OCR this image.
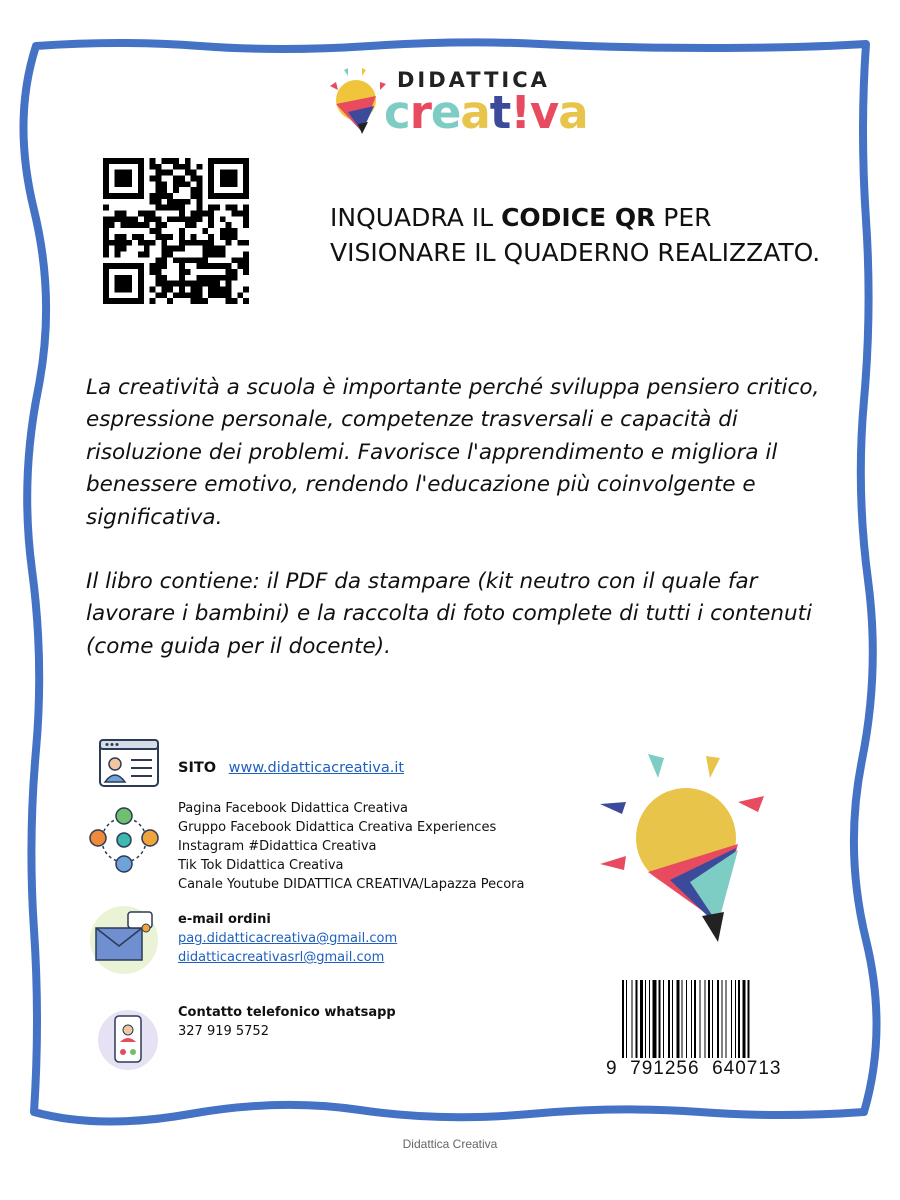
DIDATTICA
creat!va
INQUADRA IL CODICE QR PER VISIONARE IL QUADERNO REALIZZATO.

La creatività a scuola è importante perché sviluppa pensiero critico, espressione personale, competenze trasversali e capacità di risoluzione dei problemi. Favorisce l'apprendimento e migliora il benessere emotivo, rendendo l'educazione più coinvolgente e significativa.

Il libro contiene: il PDF da stampare (kit neutro con il quale far lavorare i bambini) e la raccolta di foto complete di tutti i contenuti (come guida per il docente).

SITO www.didatticacreativa.it
Pagina Facebook Didattica Creativa
Gruppo Facebook Didattica Creativa Experiences
Instagram #Didattica Creativa
Tik Tok Didattica Creativa
Canale Youtube DIDATTICA CREATIVA/Lapazza Pecora
e-mail ordini
pag.didatticacreativa@gmail.com
didatticacreativasrl@gmail.com
Contatto telefonico whatsapp
327 919 5752
9  791256  640713
Didattica Creativa
